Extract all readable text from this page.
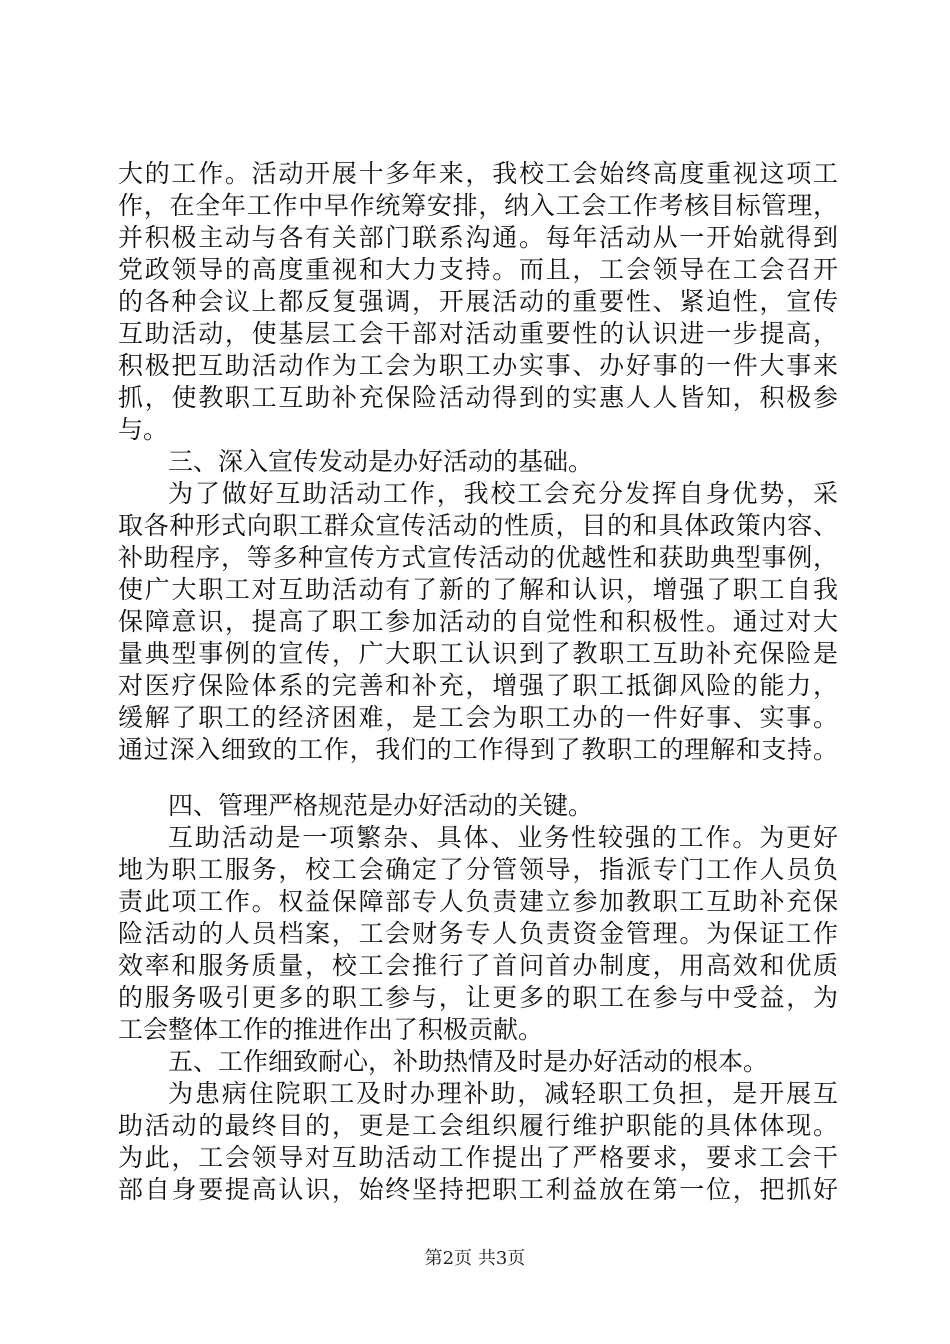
大的工作。活动开展十多年来，我校工会始终高度重视这项工
作，在全年工作中早作统筹安排，纳入工会工作考核目标管理，
并积极主动与各有关部门联系沟通。每年活动从一开始就得到
党政领导的高度重视和大力支持。而且，工会领导在工会召开
的各种会议上都反复强调，开展活动的重要性、紧迫性，宣传
互助活动，使基层工会干部对活动重要性的认识进一步提高，
积极把互助活动作为工会为职工办实事、办好事的一件大事来
抓，使教职工互助补充保险活动得到的实惠人人皆知，积极参
与。
三、深入宣传发动是办好活动的基础。
为了做好互助活动工作，我校工会充分发挥自身优势，采
取各种形式向职工群众宣传活动的性质，目的和具体政策内容、
补助程序，等多种宣传方式宣传活动的优越性和获助典型事例，
使广大职工对互助活动有了新的了解和认识，增强了职工自我
保障意识，提高了职工参加活动的自觉性和积极性。通过对大
量典型事例的宣传，广大职工认识到了教职工互助补充保险是
对医疗保险体系的完善和补充，增强了职工抵御风险的能力，
缓解了职工的经济困难，是工会为职工办的一件好事、实事。
通过深入细致的工作，我们的工作得到了教职工的理解和支持。
四、管理严格规范是办好活动的关键。
互助活动是一项繁杂、具体、业务性较强的工作。为更好
地为职工服务，校工会确定了分管领导，指派专门工作人员负
责此项工作。权益保障部专人负责建立参加教职工互助补充保
险活动的人员档案，工会财务专人负责资金管理。为保证工作
效率和服务质量，校工会推行了首问首办制度，用高效和优质
的服务吸引更多的职工参与，让更多的职工在参与中受益，为
工会整体工作的推进作出了积极贡献。
五、工作细致耐心，补助热情及时是办好活动的根本。
为患病住院职工及时办理补助，减轻职工负担，是开展互
助活动的最终目的，更是工会组织履行维护职能的具体体现。
为此，工会领导对互助活动工作提出了严格要求，要求工会干
部自身要提高认识，始终坚持把职工利益放在第一位，把抓好
第2页 共3页
